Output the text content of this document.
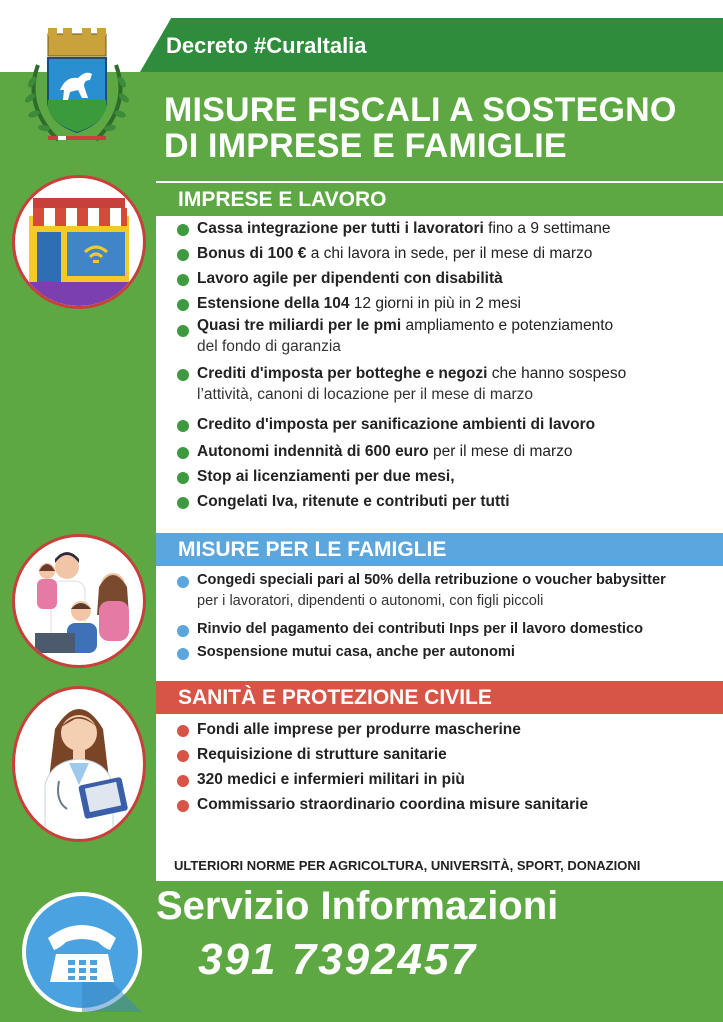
Decreto #CuraItalia
MISURE FISCALI A SOSTEGNO
DI IMPRESE E FAMIGLIE
IMPRESE E LAVORO
MISURE PER LE FAMIGLIE
SANITÀ E PROTEZIONE CIVILE
Cassa integrazione per tutti i lavoratori fino a 9 settimane
Bonus di 100 € a chi lavora in sede, per il mese di marzo
Lavoro agile per dipendenti con disabilità
Estensione della 104 12 giorni in più in 2 mesi
Quasi tre miliardi per le pmi ampliamento e potenziamento
del fondo di garanzia
Crediti d'imposta per botteghe e negozi che hanno sospeso
l’attività, canoni di locazione per il mese di marzo
Credito d'imposta per sanificazione ambienti di lavoro
Autonomi indennità di 600 euro per il mese di marzo
Stop ai licenziamenti per due mesi,
Congelati Iva, ritenute e contributi per tutti
Congedi speciali pari al 50% della retribuzione o voucher babysitter
per i lavoratori, dipendenti o autonomi, con figli piccoli
Rinvio del pagamento dei contributi Inps per il lavoro domestico
Sospensione mutui casa, anche per autonomi
Fondi alle imprese per produrre mascherine
Requisizione di strutture sanitarie
320 medici e infermieri militari in più
Commissario straordinario coordina misure sanitarie
ULTERIORI NORME PER AGRICOLTURA, UNIVERSITÀ, SPORT, DONAZIONI
Servizio Informazioni
391 7392457
